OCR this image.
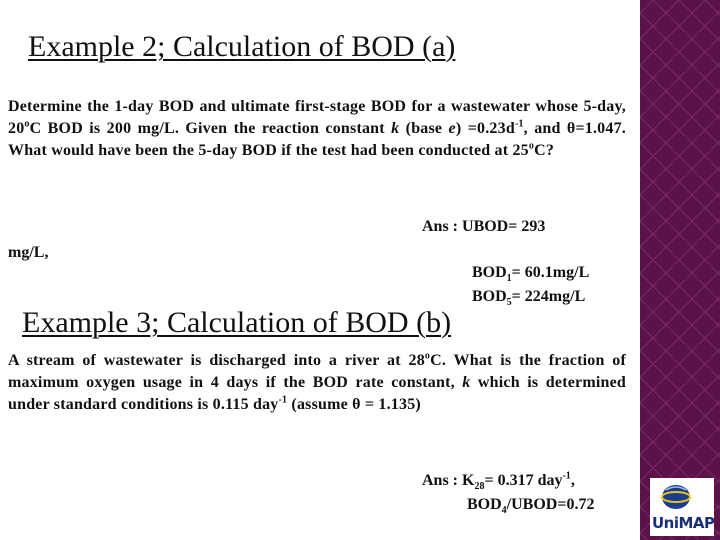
Example 2; Calculation of BOD (a)
Determine the 1-day BOD and ultimate first-stage BOD for a wastewater whose 5-day, 20$^o$C BOD is 200 mg/L. Given the reaction constant k (base $e) =0.23d^{-1}$, and θ=1.047. What would have been the 5-day BOD if the test had been conducted at 25$^o$C?
Ans : UBOD= 293
mg/L,
$BOD_1= 60.1mg/L$
$BOD_5= 224mg/L$
Example 3; Calculation of BOD (b)
A stream of wastewater is discharged into a river at 28$^o$C. What is the fraction of maximum oxygen usage in 4 days if the BOD rate constant, k which is determined under standard conditions is 0.115 day$^{-1}$ (assume θ = 1.135)
Ans : $K_{28}= 0.317$ day$^{-1}$,
$BOD_4/UBOD=0.72$
UniMAP
